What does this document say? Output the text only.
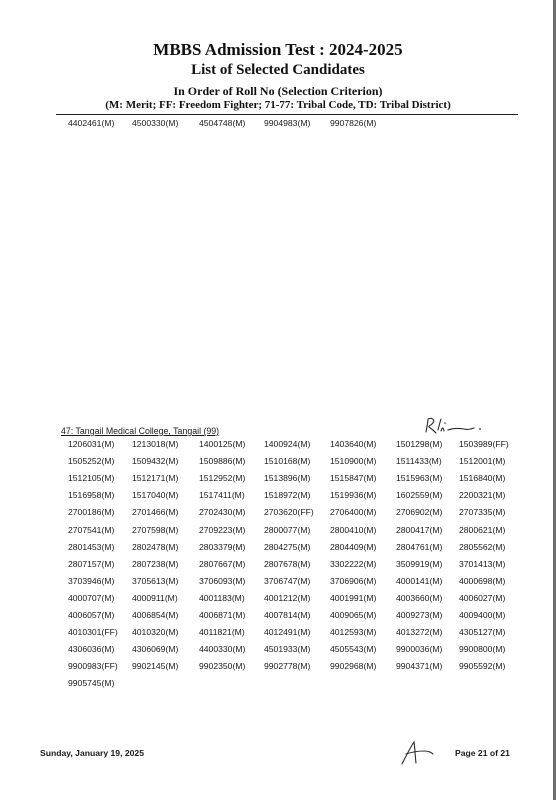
MBBS Admission Test : 2024-2025
List of Selected Candidates
In Order of Roll No (Selection Criterion)
(M: Merit; FF: Freedom Fighter; 71-77: Tribal Code, TD: Tribal District)
4402461(M) 4500330(M) 4504748(M) 9904983(M) 9907826(M)
47: Tangail Medical College, Tangail (99)
1206031(M) 1213018(M) 1400125(M) 1400924(M) 1403640(M) 1501298(M) 1503989(FF)
1505252(M) 1509432(M) 1509886(M) 1510168(M) 1510900(M) 1511433(M) 1512001(M)
1512105(M) 1512171(M) 1512952(M) 1513896(M) 1515847(M) 1515963(M) 1516840(M)
1516958(M) 1517040(M) 1517411(M) 1518972(M) 1519936(M) 1602559(M) 2200321(M)
2700186(M) 2701466(M) 2702430(M) 2703620(FF) 2706400(M) 2706902(M) 2707335(M)
2707541(M) 2707598(M) 2709223(M) 2800077(M) 2800410(M) 2800417(M) 2800621(M)
2801453(M) 2802478(M) 2803379(M) 2804275(M) 2804409(M) 2804761(M) 2805562(M)
2807157(M) 2807238(M) 2807667(M) 2807678(M) 3302222(M) 3509919(M) 3701413(M)
3703946(M) 3705613(M) 3706093(M) 3706747(M) 3706906(M) 4000141(M) 4000698(M)
4000707(M) 4000911(M) 4001183(M) 4001212(M) 4001991(M) 4003660(M) 4006027(M)
4006057(M) 4006854(M) 4006871(M) 4007814(M) 4009065(M) 4009273(M) 4009400(M)
4010301(FF) 4010320(M) 4011821(M) 4012491(M) 4012593(M) 4013272(M) 4305127(M)
4306036(M) 4306069(M) 4400330(M) 4501933(M) 4505543(M) 9900036(M) 9900800(M)
9900983(FF) 9902145(M) 9902350(M) 9902778(M) 9902968(M) 9904371(M) 9905592(M)
9905745(M)
Sunday, January 19, 2025	Page 21 of 21
